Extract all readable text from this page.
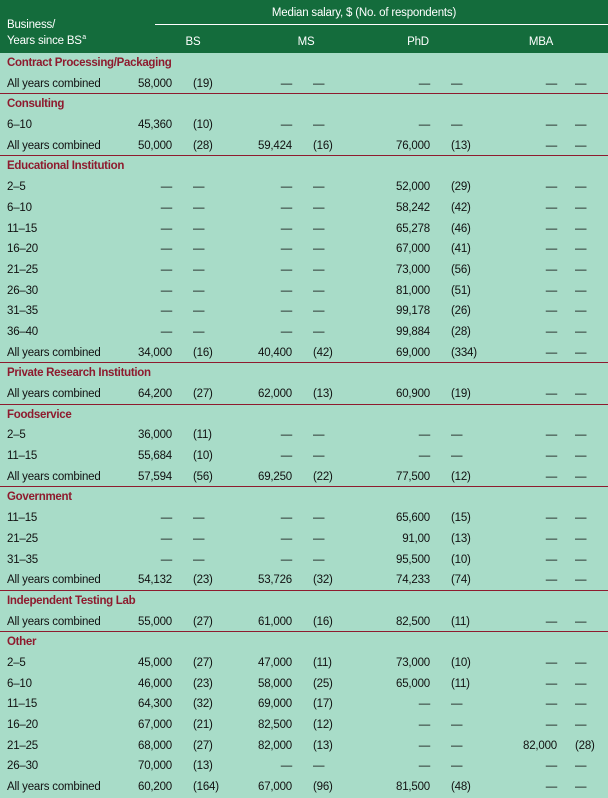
Business/
Years since $BS^a$
Median salary, $ (No. of respondents)
BS	MS	PhD	MBA
Contract Processing/Packaging
All years combined	58,000	(19)	—	—	—	—	—	—
Consulting
6–10	45,360	(10)	—	—	—	—	—	—
All years combined	50,000	(28)	59,424	(16)	76,000	(13)	—	—
Educational Institution
2–5	—	—	—	—	52,000	(29)	—	—
6–10	—	—	—	—	58,242	(42)	—	—
11–15	—	—	—	—	65,278	(46)	—	—
16–20	—	—	—	—	67,000	(41)	—	—
21–25	—	—	—	—	73,000	(56)	—	—
26–30	—	—	—	—	81,000	(51)	—	—
31–35	—	—	—	—	99,178	(26)	—	—
36–40	—	—	—	—	99,884	(28)	—	—
All years combined	34,000	(16)	40,400	(42)	69,000	(334)	—	—
Private Research Institution
All years combined	64,200	(27)	62,000	(13)	60,900	(19)	—	—
Foodservice
2–5	36,000	(11)	—	—	—	—	—	—
11–15	55,684	(10)	—	—	—	—	—	—
All years combined	57,594	(56)	69,250	(22)	77,500	(12)	—	—
Government
11–15	—	—	—	—	65,600	(15)	—	—
21–25	—	—	—	—	91,00	(13)	—	—
31–35	—	—	—	—	95,500	(10)	—	—
All years combined	54,132	(23)	53,726	(32)	74,233	(74)	—	—
Independent Testing Lab
All years combined	55,000	(27)	61,000	(16)	82,500	(11)	—	—
Other
2–5	45,000	(27)	47,000	(11)	73,000	(10)	—	—
6–10	46,000	(23)	58,000	(25)	65,000	(11)	—	—
11–15	64,300	(32)	69,000	(17)	—	—	—	—
16–20	67,000	(21)	82,500	(12)	—	—	—	—
21–25	68,000	(27)	82,000	(13)	—	—	82,000	(28)
26–30	70,000	(13)	—	—	—	—	—	—
All years combined	60,200	(164)	67,000	(96)	81,500	(48)	—	—
